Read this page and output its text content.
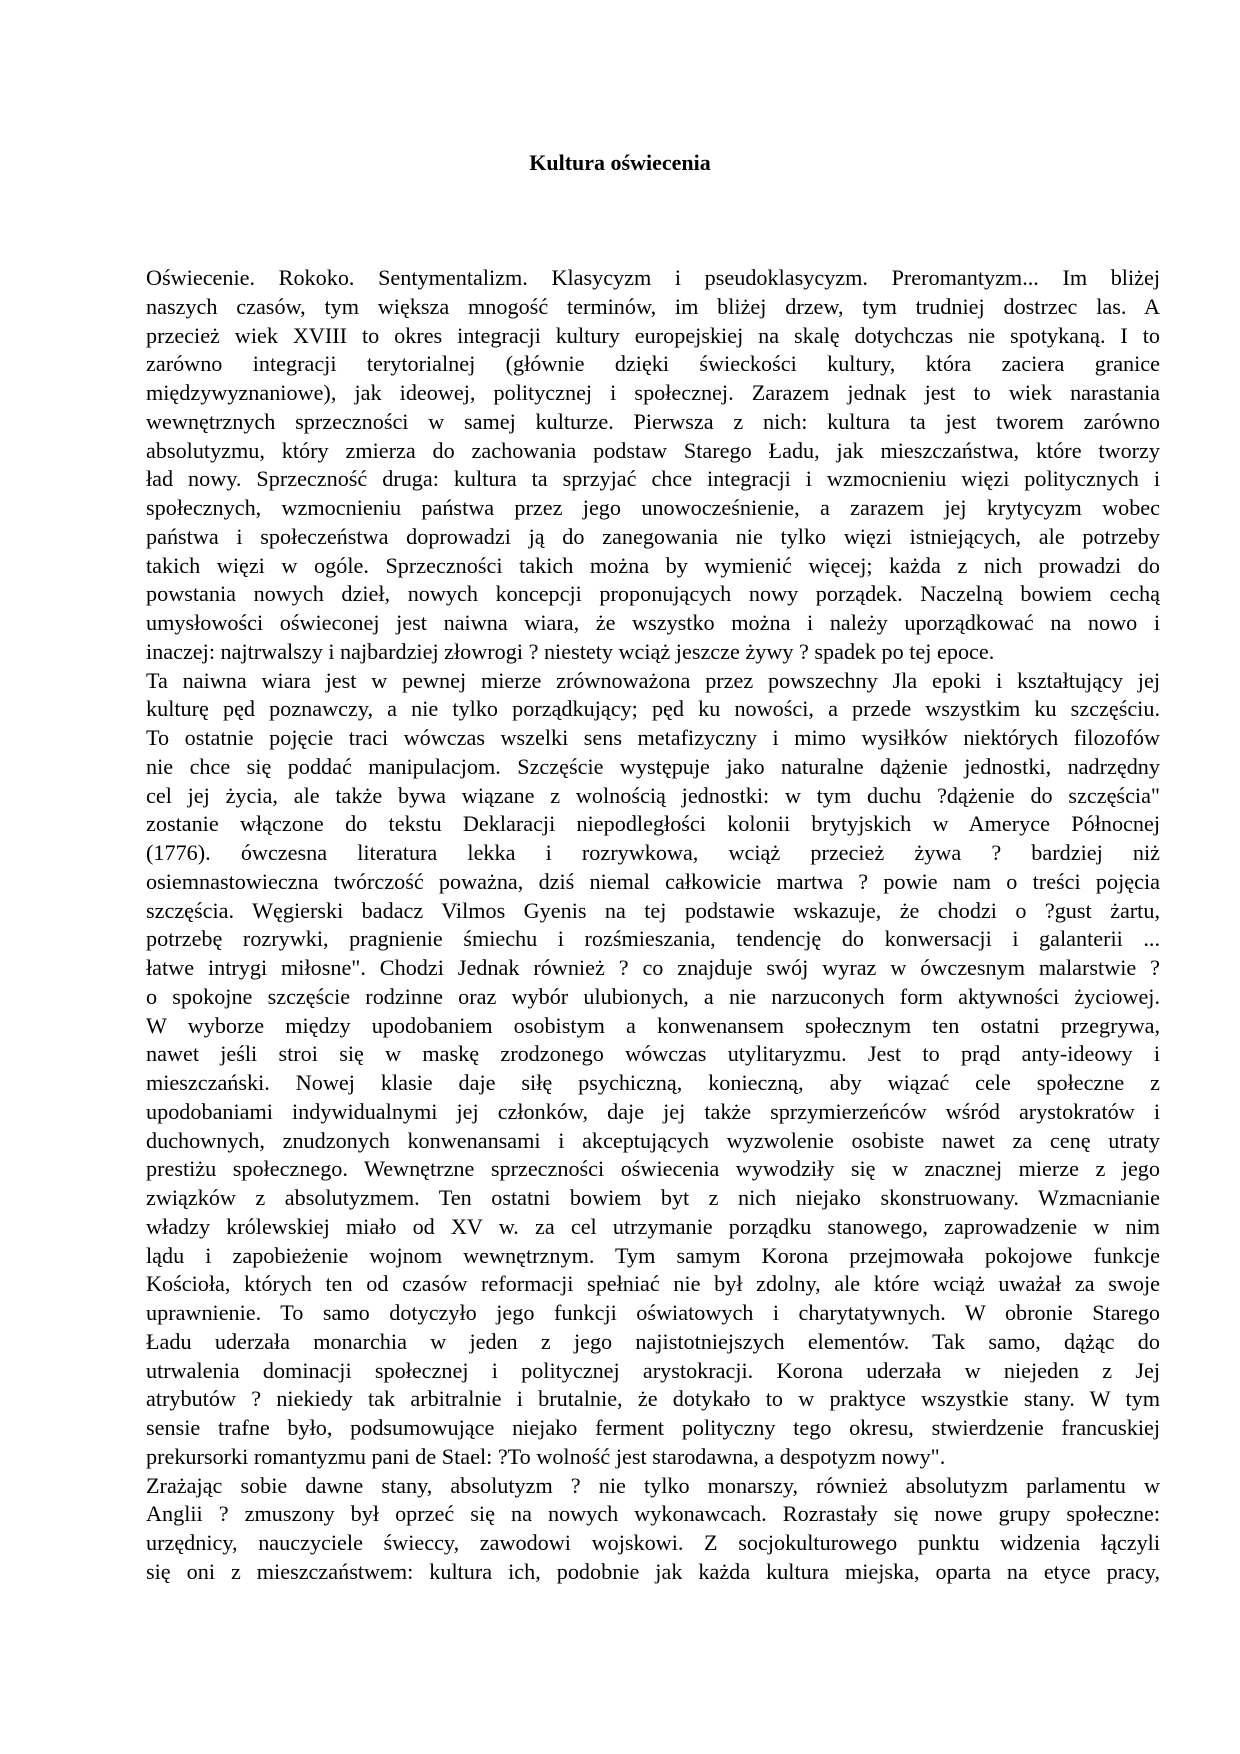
Kultura oświecenia
Oświecenie. Rokoko. Sentymentalizm. Klasycyzm i pseudoklasycyzm. Preromantyzm... Im bliżej
naszych czasów, tym większa mnogość terminów, im bliżej drzew, tym trudniej dostrzec las. A
przecież wiek XVIII to okres integracji kultury europejskiej na skalę dotychczas nie spotykaną. I to
zarówno integracji terytorialnej (głównie dzięki świeckości kultury, która zaciera granice
międzywyznaniowe), jak ideowej, politycznej i społecznej. Zarazem jednak jest to wiek narastania
wewnętrznych sprzeczności w samej kulturze. Pierwsza z nich: kultura ta jest tworem zarówno
absolutyzmu, który zmierza do zachowania podstaw Starego Ładu, jak mieszczaństwa, które tworzy
ład nowy. Sprzeczność druga: kultura ta sprzyjać chce integracji i wzmocnieniu więzi politycznych i
społecznych, wzmocnieniu państwa przez jego unowocześnienie, a zarazem jej krytycyzm wobec
państwa i społeczeństwa doprowadzi ją do zanegowania nie tylko więzi istniejących, ale potrzeby
takich więzi w ogóle. Sprzeczności takich można by wymienić więcej; każda z nich prowadzi do
powstania nowych dzieł, nowych koncepcji proponujących nowy porządek. Naczelną bowiem cechą
umysłowości oświeconej jest naiwna wiara, że wszystko można i należy uporządkować na nowo i
inaczej: najtrwalszy i najbardziej złowrogi ? niestety wciąż jeszcze żywy ? spadek po tej epoce.
Ta naiwna wiara jest w pewnej mierze zrównoważona przez powszechny Jla epoki i kształtujący jej
kulturę pęd poznawczy, a nie tylko porządkujący; pęd ku nowości, a przede wszystkim ku szczęściu.
To ostatnie pojęcie traci wówczas wszelki sens metafizyczny i mimo wysiłków niektórych filozofów
nie chce się poddać manipulacjom. Szczęście występuje jako naturalne dążenie jednostki, nadrzędny
cel jej życia, ale także bywa wiązane z wolnością jednostki: w tym duchu ?dążenie do szczęścia"
zostanie włączone do tekstu Deklaracji niepodległości kolonii brytyjskich w Ameryce Północnej
(1776). ówczesna literatura lekka i rozrywkowa, wciąż przecież żywa ? bardziej niż
osiemnastowieczna twórczość poważna, dziś niemal całkowicie martwa ? powie nam o treści pojęcia
szczęścia. Węgierski badacz Vilmos Gyenis na tej podstawie wskazuje, że chodzi o ?gust żartu,
potrzebę rozrywki, pragnienie śmiechu i rozśmieszania, tendencję do konwersacji i galanterii ...
łatwe intrygi miłosne". Chodzi Jednak również ? co znajduje swój wyraz w ówczesnym malarstwie ?
o spokojne szczęście rodzinne oraz wybór ulubionych, a nie narzuconych form aktywności życiowej.
W wyborze między upodobaniem osobistym a konwenansem społecznym ten ostatni przegrywa,
nawet jeśli stroi się w maskę zrodzonego wówczas utylitaryzmu. Jest to prąd anty-ideowy i
mieszczański. Nowej klasie daje siłę psychiczną, konieczną, aby wiązać cele społeczne z
upodobaniami indywidualnymi jej członków, daje jej także sprzymierzeńców wśród arystokratów i
duchownych, znudzonych konwenansami i akceptujących wyzwolenie osobiste nawet za cenę utraty
prestiżu społecznego. Wewnętrzne sprzeczności oświecenia wywodziły się w znacznej mierze z jego
związków z absolutyzmem. Ten ostatni bowiem byt z nich niejako skonstruowany. Wzmacnianie
władzy królewskiej miało od XV w. za cel utrzymanie porządku stanowego, zaprowadzenie w nim
lądu i zapobieżenie wojnom wewnętrznym. Tym samym Korona przejmowała pokojowe funkcje
Kościoła, których ten od czasów reformacji spełniać nie był zdolny, ale które wciąż uważał za swoje
uprawnienie. To samo dotyczyło jego funkcji oświatowych i charytatywnych. W obronie Starego
Ładu uderzała monarchia w jeden z jego najistotniejszych elementów. Tak samo, dążąc do
utrwalenia dominacji społecznej i politycznej arystokracji. Korona uderzała w niejeden z Jej
atrybutów ? niekiedy tak arbitralnie i brutalnie, że dotykało to w praktyce wszystkie stany. W tym
sensie trafne było, podsumowujące niejako ferment polityczny tego okresu, stwierdzenie francuskiej
prekursorki romantyzmu pani de Stael: ?To wolność jest starodawna, a despotyzm nowy".
Zrażając sobie dawne stany, absolutyzm ? nie tylko monarszy, również absolutyzm parlamentu w
Anglii ? zmuszony był oprzeć się na nowych wykonawcach. Rozrastały się nowe grupy społeczne:
urzędnicy, nauczyciele świeccy, zawodowi wojskowi. Z socjokulturowego punktu widzenia łączyli
się oni z mieszczaństwem: kultura ich, podobnie jak każda kultura miejska, oparta na etyce pracy,
